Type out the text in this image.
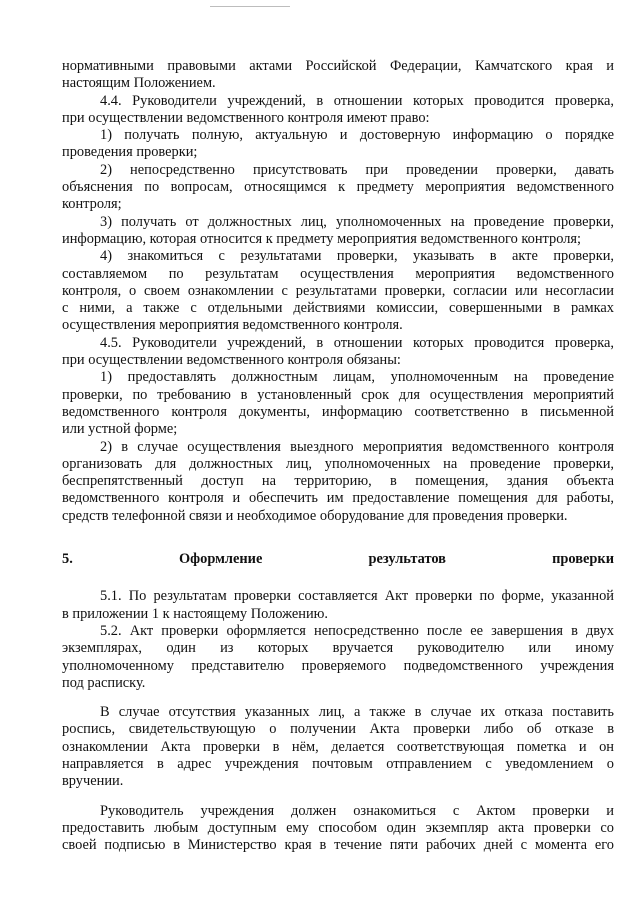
нормативными правовыми актами Российской Федерации, Камчатского края и

настоящим Положением.

4.4. Руководители учреждений, в отношении которых проводится проверка,

при осуществлении ведомственного контроля имеют право:

1) получать полную, актуальную и достоверную информацию о порядке

проведения проверки;

2) непосредственно присутствовать при проведении проверки, давать

объяснения по вопросам, относящимся к предмету мероприятия ведомственного

контроля;

3) получать от должностных лиц, уполномоченных на проведение проверки,

информацию, которая относится к предмету мероприятия ведомственного контроля;

4) знакомиться с результатами проверки, указывать в акте проверки,

составляемом по результатам осуществления мероприятия ведомственного

контроля, о своем ознакомлении с результатами проверки, согласии или несогласии

с ними, а также с отдельными действиями комиссии, совершенными в рамках

осуществления мероприятия ведомственного контроля.

4.5. Руководители учреждений, в отношении которых проводится проверка,

при осуществлении ведомственного контроля обязаны:

1) предоставлять должностным лицам, уполномоченным на проведение

проверки, по требованию в установленный срок для осуществления мероприятий

ведомственного контроля документы, информацию соответственно в письменной

или устной форме;

2) в случае осуществления выездного мероприятия ведомственного контроля

организовать для должностных лиц, уполномоченных на проведение проверки,

беспрепятственный доступ на территорию, в помещения, здания объекта

ведомственного контроля и обеспечить им предоставление помещения для работы,

средств телефонной связи и необходимое оборудование для проведения проверки.

5. Оформление результатов проверки

5.1. По результатам проверки составляется Акт проверки по форме, указанной

в приложении 1 к настоящему Положению.

5.2. Акт проверки оформляется непосредственно после ее завершения в двух

экземплярах, один из которых вручается руководителю или иному

уполномоченному представителю проверяемого подведомственного учреждения

под расписку.

В случае отсутствия указанных лиц, а также в случае их отказа поставить

роспись, свидетельствующую о получении Акта проверки либо об отказе в

ознакомлении Акта проверки в нём, делается соответствующая пометка и он

направляется в адрес учреждения почтовым отправлением с уведомлением о

вручении.

Руководитель учреждения должен ознакомиться с Актом проверки и

предоставить любым доступным ему способом один экземпляр акта проверки со

своей подписью в Министерство края в течение пяти рабочих дней с момента его
